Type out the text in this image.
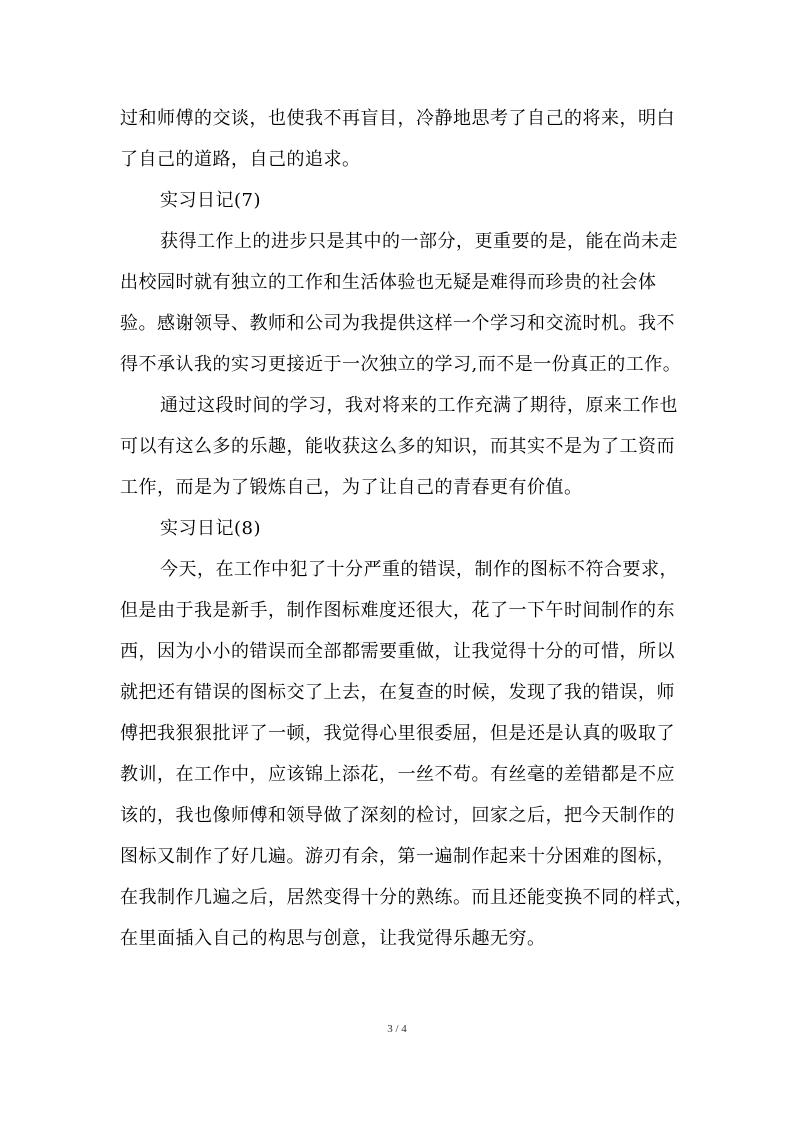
过和师傅的交谈，也使我不再盲目，冷静地思考了自己的将来，明白
了自己的道路，自己的追求。
实习日记(7)
获得工作上的进步只是其中的一部分，更重要的是，能在尚未走
出校园时就有独立的工作和生活体验也无疑是难得而珍贵的社会体
验。感谢领导、教师和公司为我提供这样一个学习和交流时机。我不
得不承认我的实习更接近于一次独立的学习,而不是一份真正的工作。
通过这段时间的学习，我对将来的工作充满了期待，原来工作也
可以有这么多的乐趣，能收获这么多的知识，而其实不是为了工资而
工作，而是为了锻炼自己，为了让自己的青春更有价值。
实习日记(8)
今天，在工作中犯了十分严重的错误，制作的图标不符合要求，
但是由于我是新手，制作图标难度还很大，花了一下午时间制作的东
西，因为小小的错误而全部都需要重做，让我觉得十分的可惜，所以
就把还有错误的图标交了上去，在复查的时候，发现了我的错误，师
傅把我狠狠批评了一顿，我觉得心里很委屈，但是还是认真的吸取了
教训，在工作中，应该锦上添花，一丝不苟。有丝毫的差错都是不应
该的，我也像师傅和领导做了深刻的检讨，回家之后，把今天制作的
图标又制作了好几遍。游刃有余，第一遍制作起来十分困难的图标，
在我制作几遍之后，居然变得十分的熟练。而且还能变换不同的样式，
在里面插入自己的构思与创意，让我觉得乐趣无穷。
3 / 4
